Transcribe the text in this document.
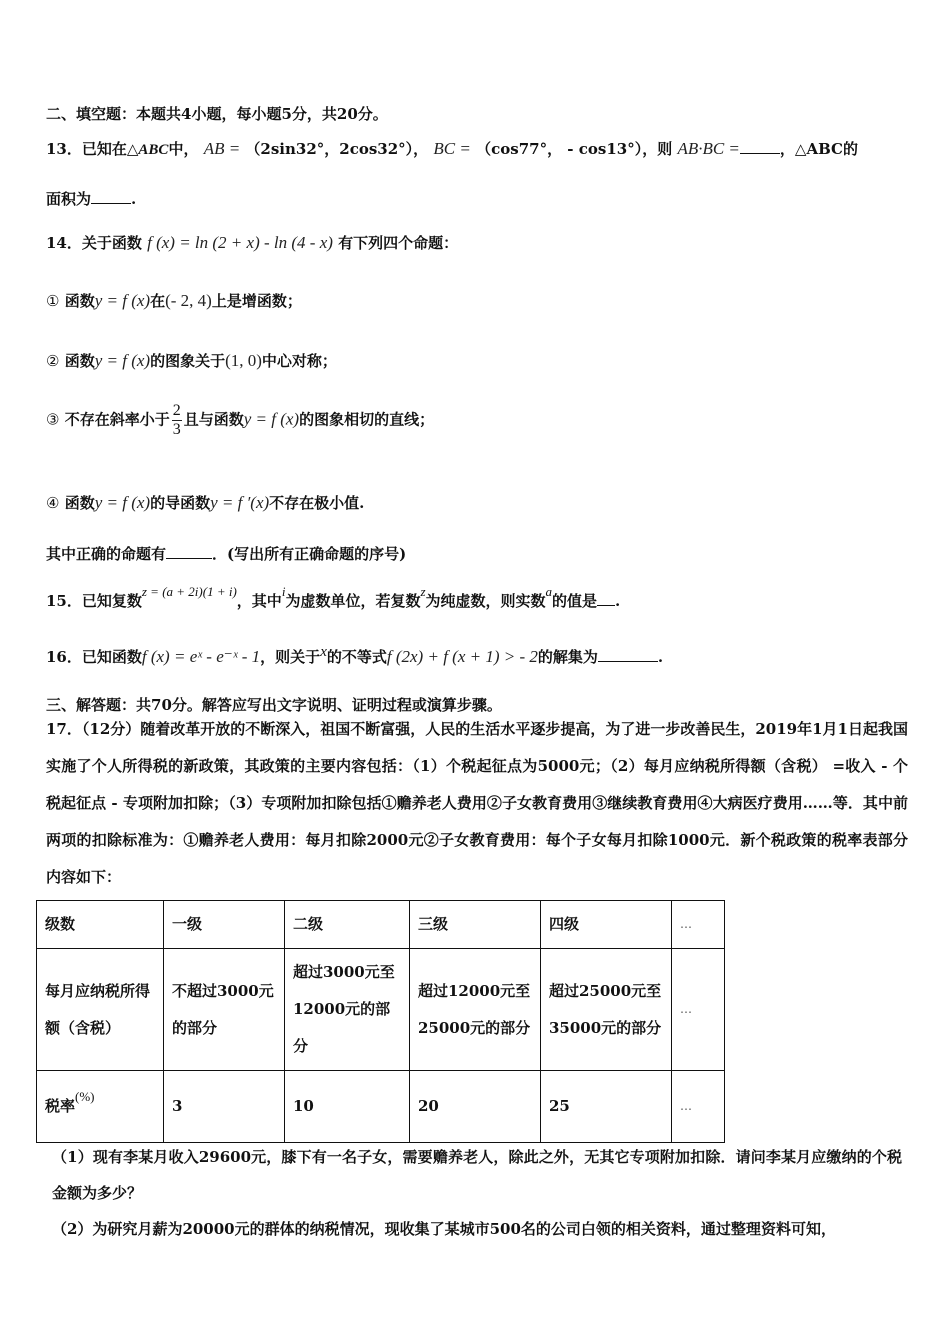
二、填空题：本题共4小题，每小题5分，共20分。
13．已知在△ABC中， AB = （2sin32°，2cos32°）， BC = （cos77°， - cos13°），则 AB·BC =	，△ABC的
面积为	.
14．关于函数 f (x) = ln (2 + x) - ln (4 - x) 有下列四个命题：
① 函数y = f (x)在(- 2, 4)上是增函数；
② 函数y = f (x)的图象关于(1, 0)中心对称；
③ 不存在斜率小于 $\frac{2}{3}$ 且与函数y = f (x)的图象相切的直线；
④ 函数y = f (x)的导函数y = f ′(x)不存在极小值.
其中正确的命题有	．(写出所有正确命题的序号)
15．已知复数z = (a + 2i)(1 + i)，其中i为虚数单位，若复数z为纯虚数，则实数a的值是 .
16．已知函数f (x) = eˣ - e⁻ˣ - 1，则关于x的不等式f (2x) + f (x + 1) > - 2的解集为	.
三、解答题：共70分。解答应写出文字说明、证明过程或演算步骤。
17．（12分）随着改革开放的不断深入，祖国不断富强，人民的生活水平逐步提高，为了进一步改善民生，2019年1月1日起我国实施了个人所得税的新政策，其政策的主要内容包括：（1）个税起征点为5000元；（2）每月应纳税所得额（含税） =收入 - 个税起征点 - 专项附加扣除；（3）专项附加扣除包括①赡养老人费用②子女教育费用③继续教育费用④大病医疗费用……等．其中前两项的扣除标准为：①赡养老人费用：每月扣除2000元②子女教育费用：每个子女每月扣除1000元．新个税政策的税率表部分内容如下：
级数	一级	二级	三级	四级	…
每月应纳税所得额（含税）	不超过3000元的部分	超过3000元至12000元的部分	超过12000元至25000元的部分	超过25000元至35000元的部分	…
税率(%)	3	10	20	25	…
（1）现有李某月收入29600元，膝下有一名子女，需要赡养老人，除此之外，无其它专项附加扣除．请问李某月应缴纳的个税金额为多少？
（2）为研究月薪为20000元的群体的纳税情况，现收集了某城市500名的公司白领的相关资料，通过整理资料可知，
